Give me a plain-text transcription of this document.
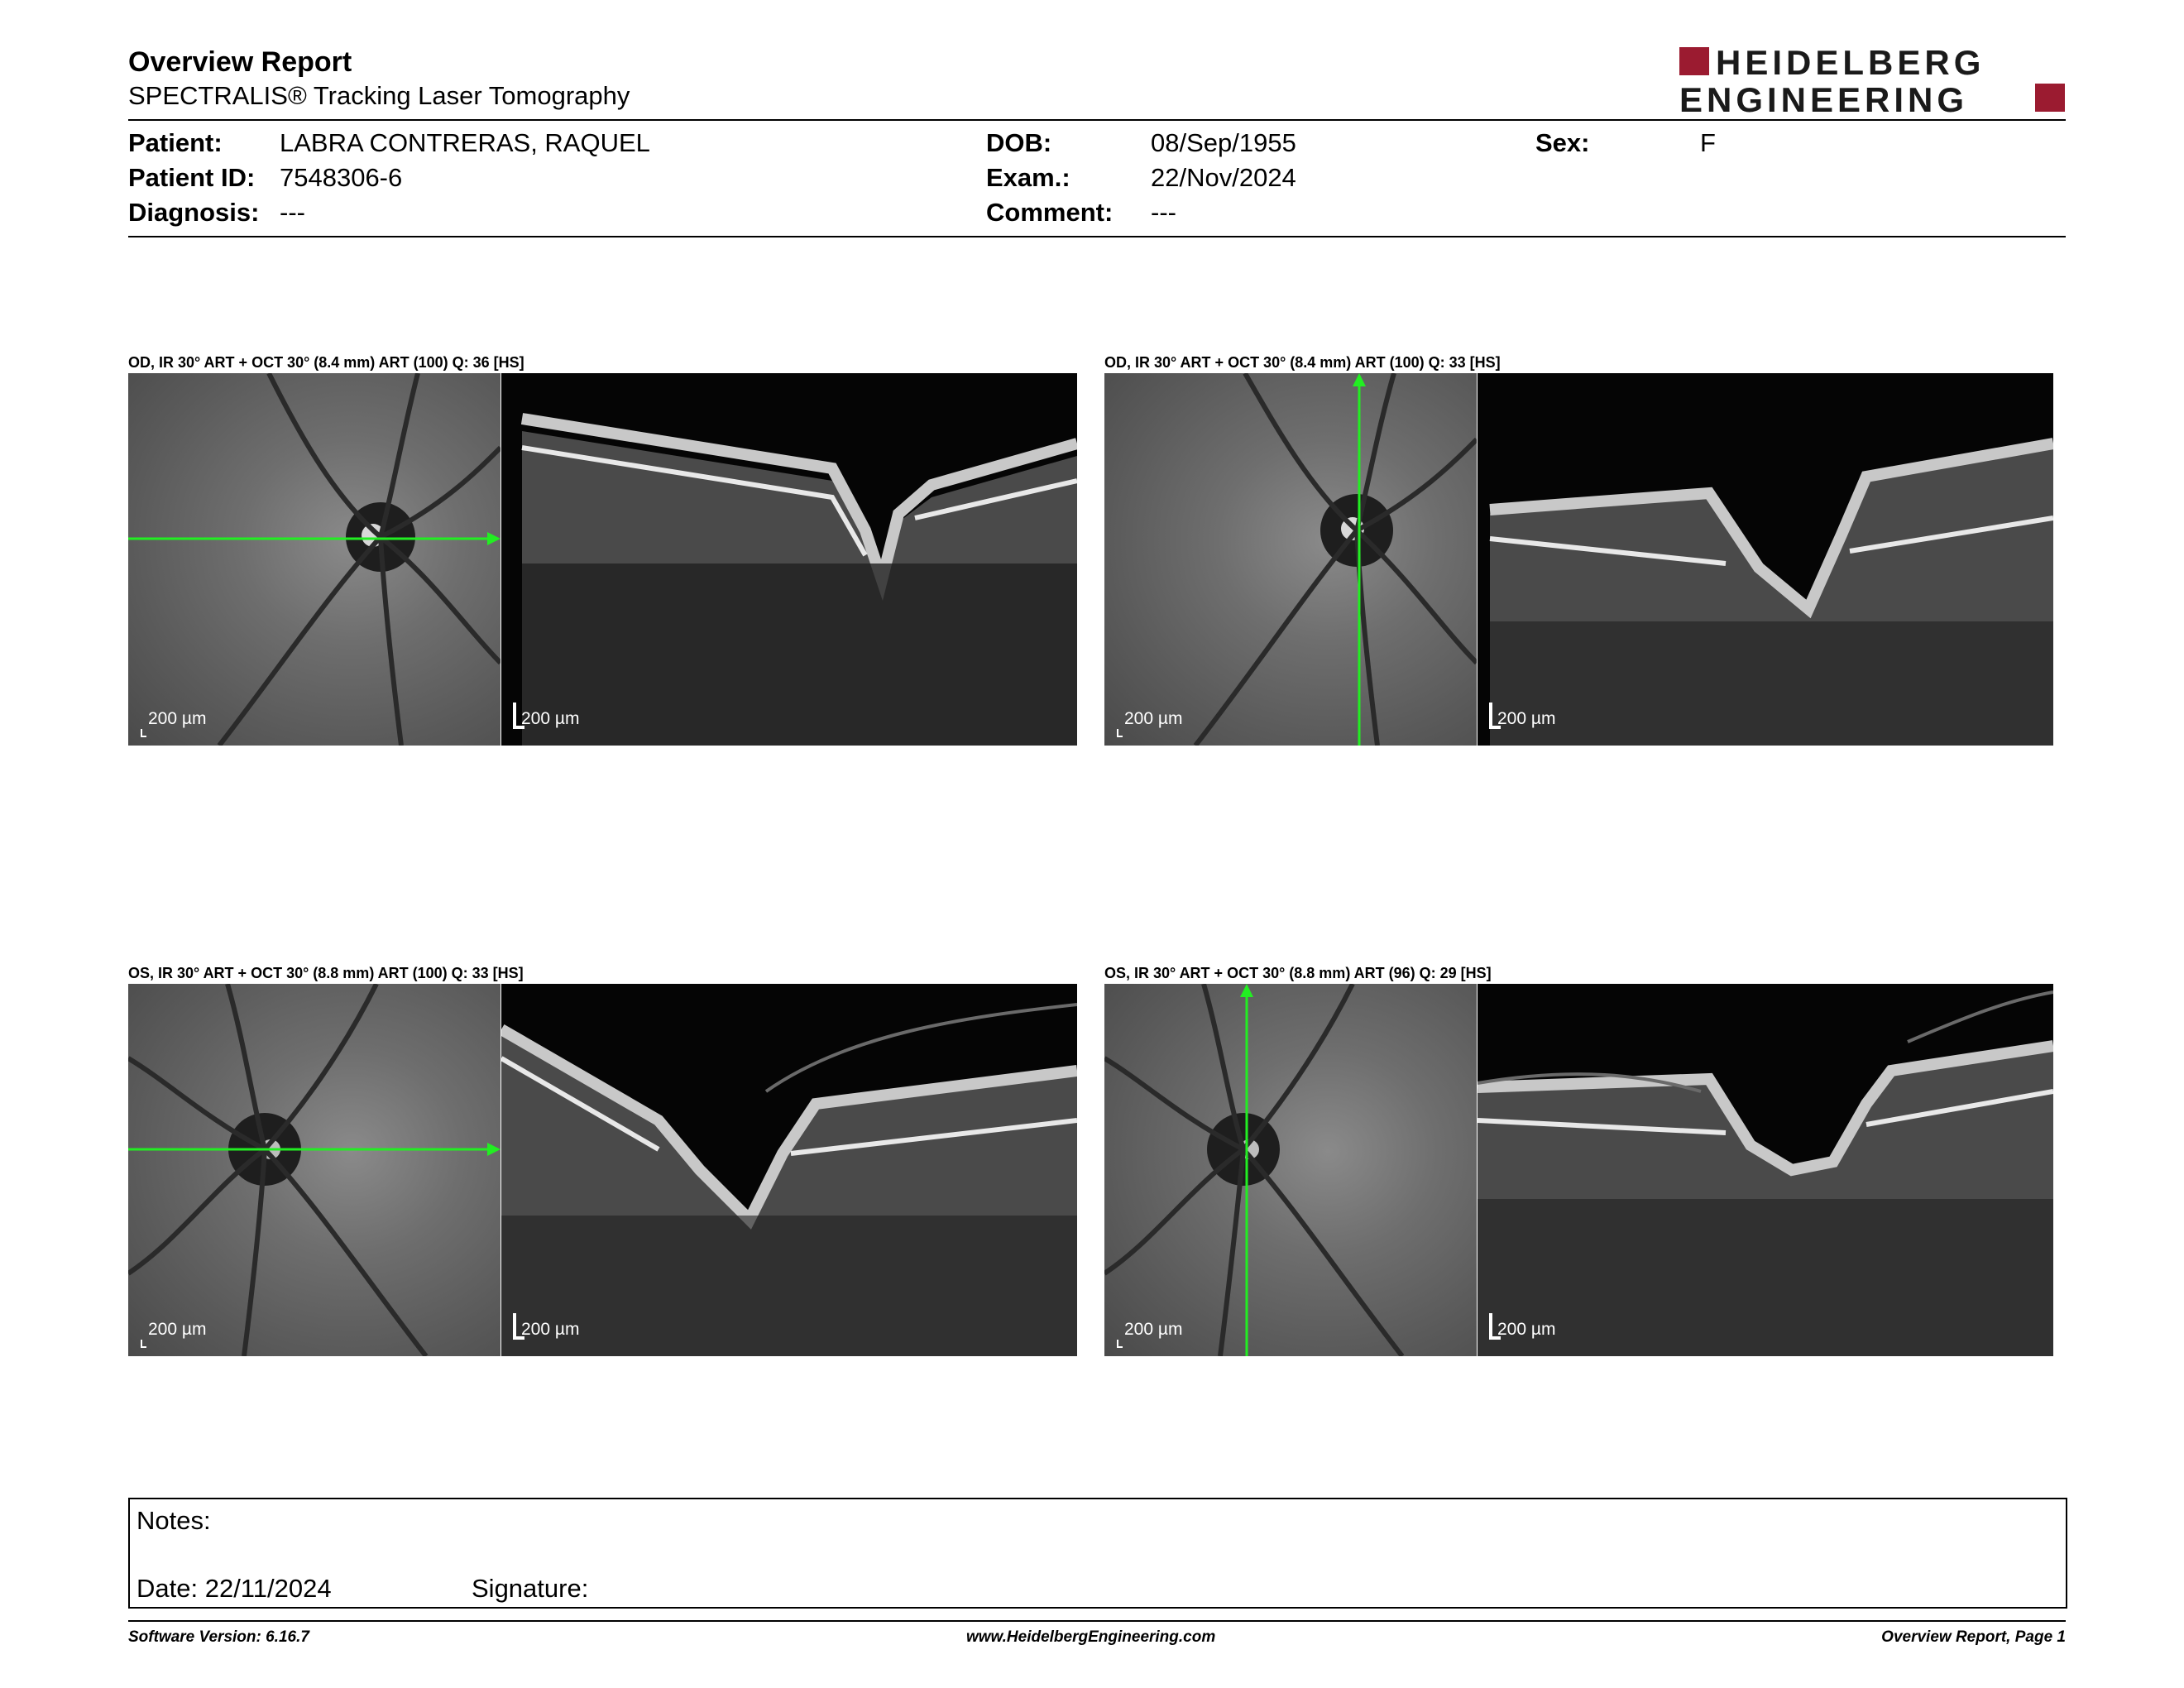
Overview Report
SPECTRALIS® Tracking Laser Tomography
HEIDELBERG
ENGINEERING
Patient: LABRA CONTRERAS, RAQUEL
Patient ID: 7548306-6
Diagnosis: ---
DOB:	08/Sep/1955
Exam.:	22/Nov/2024
Comment: ---
Sex:	F
OD, IR 30° ART + OCT 30° (8.4 mm) ART (100) Q: 36 [HS]
200 µm	200 µm
OD, IR 30° ART + OCT 30° (8.4 mm) ART (100) Q: 33 [HS]
200 µm	200 µm
OS, IR 30° ART + OCT 30° (8.8 mm) ART (100) Q: 33 [HS]
200 µm	200 µm
OS, IR 30° ART + OCT 30° (8.8 mm) ART (96) Q: 29 [HS]
200 µm	200 µm
Notes:
Date: 22/11/2024	Signature:
Software Version: 6.16.7	www.HeidelbergEngineering.com	Overview Report, Page 1
